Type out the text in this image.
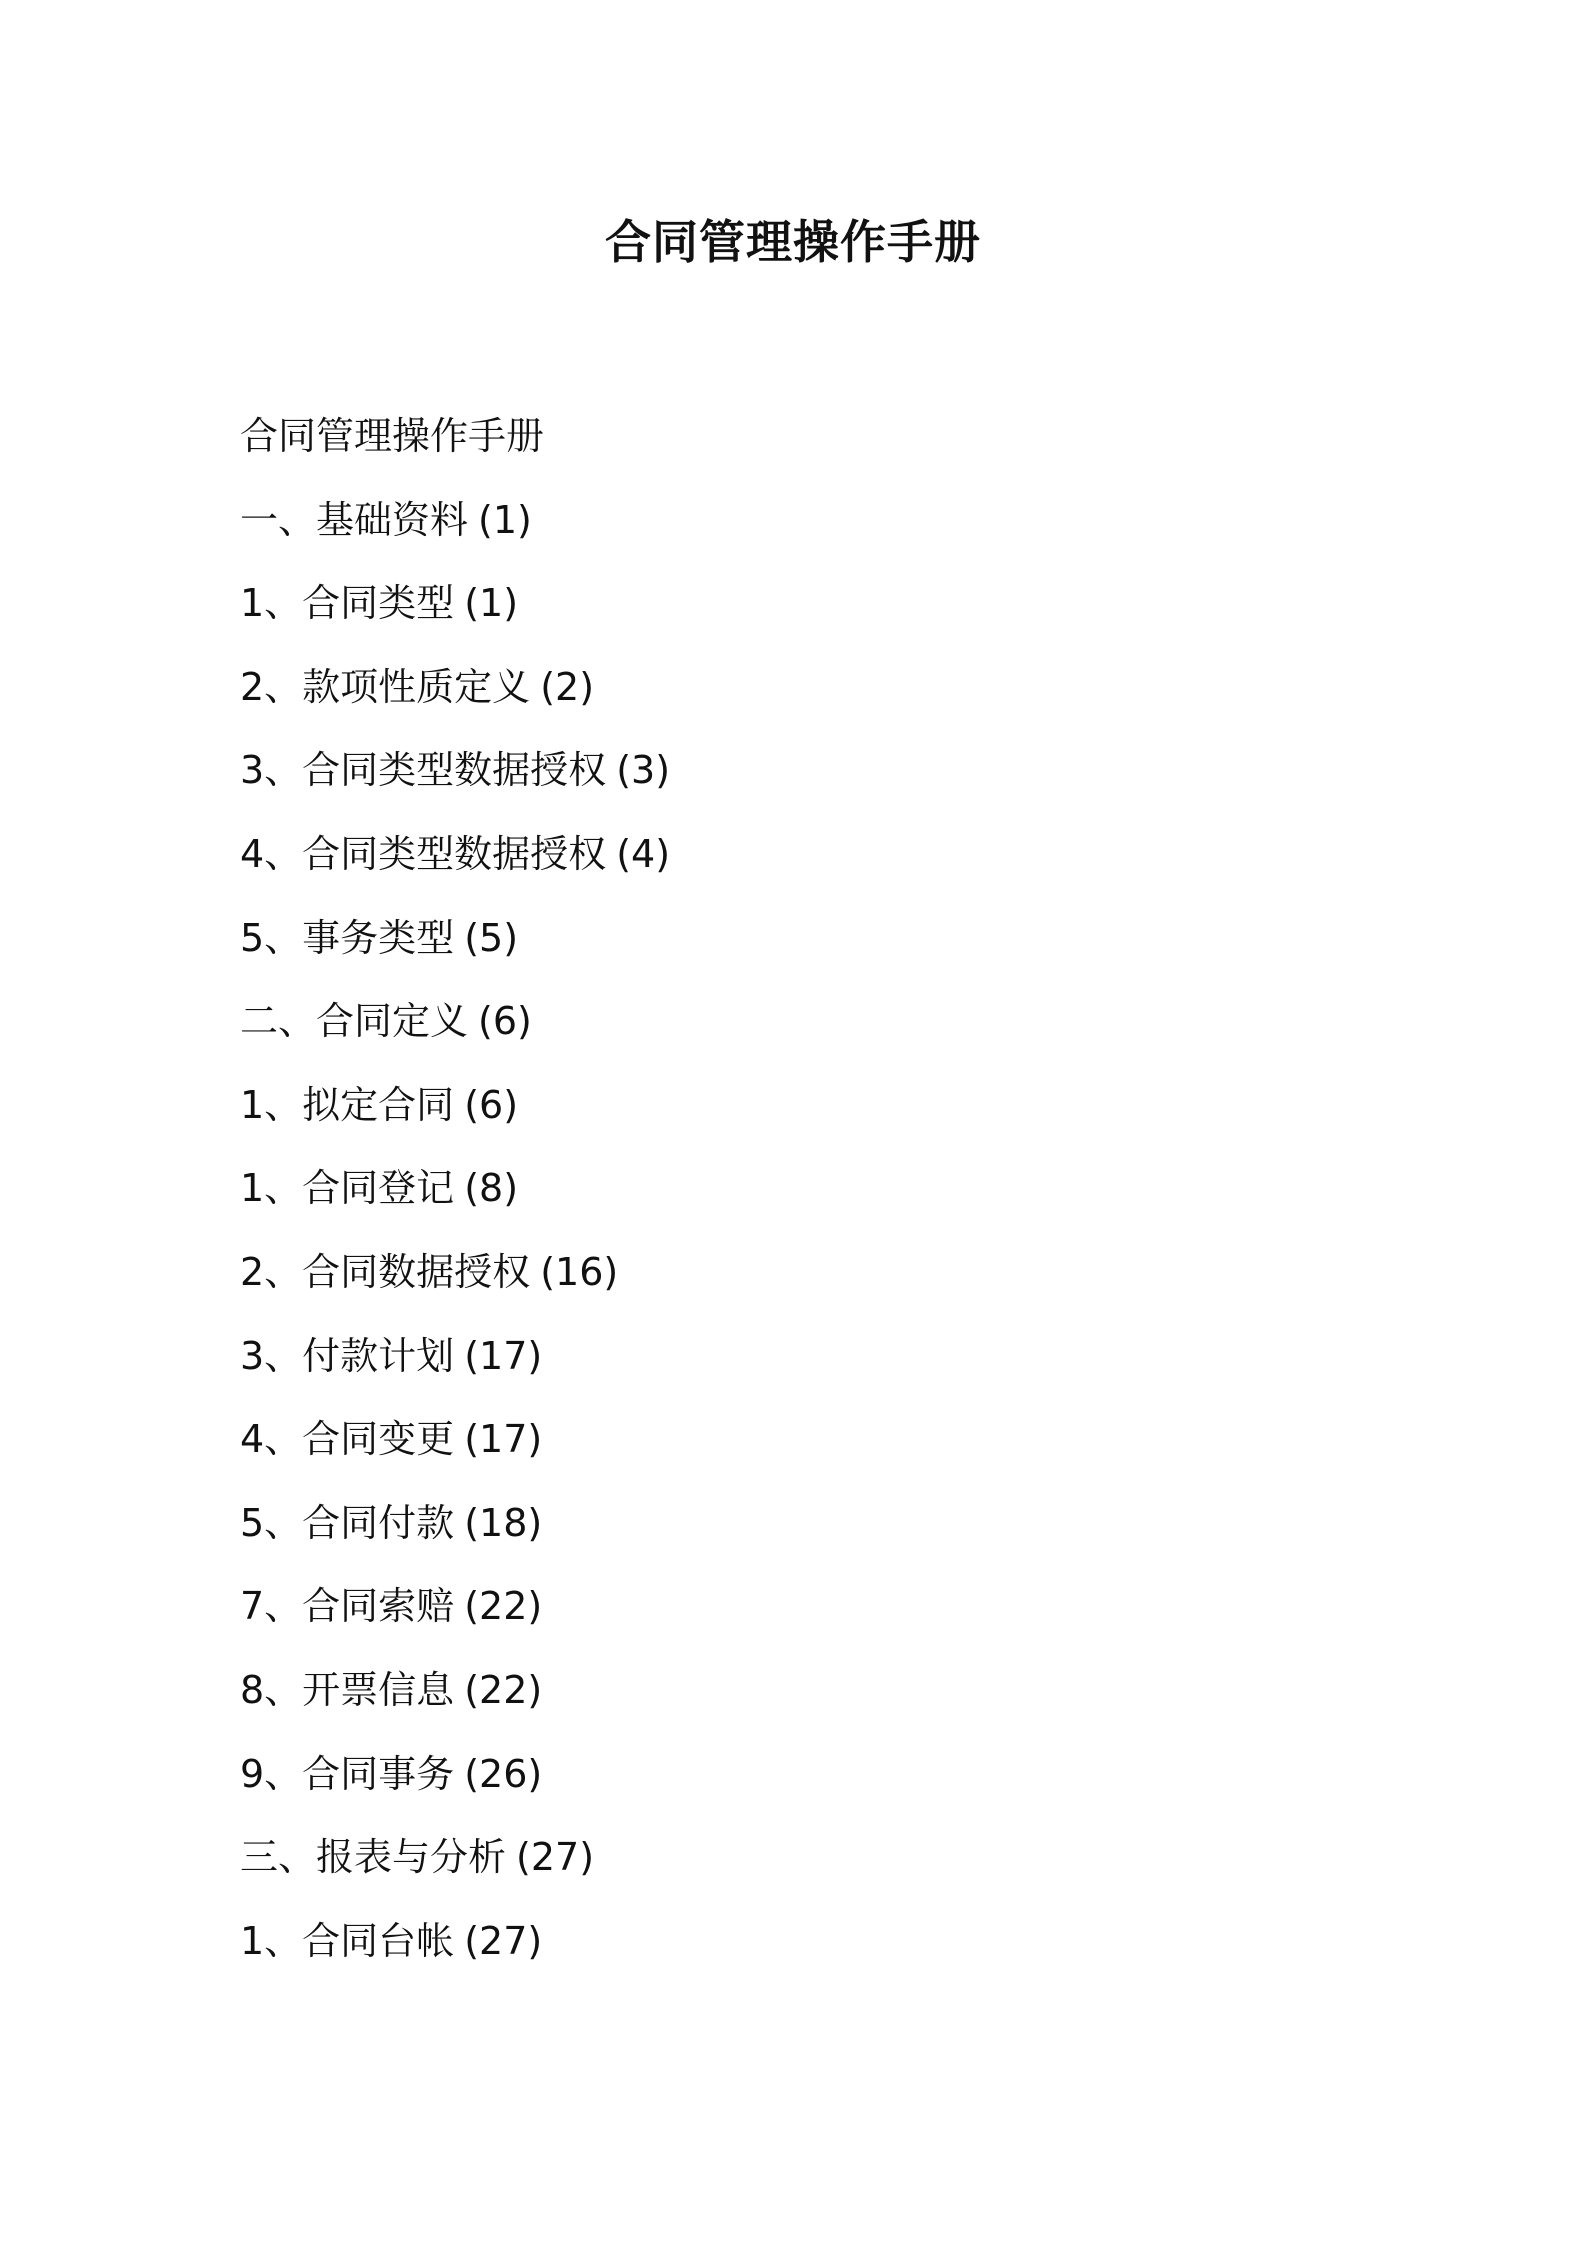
合同管理操作手册
合同管理操作手册
一、基础资料 (1)
1、合同类型 (1)
2、款项性质定义 (2)
3、合同类型数据授权 (3)
4、合同类型数据授权 (4)
5、事务类型 (5)
二、合同定义 (6)
1、拟定合同 (6)
1、合同登记 (8)
2、合同数据授权 (16)
3、付款计划 (17)
4、合同变更 (17)
5、合同付款 (18)
7、合同索赔 (22)
8、开票信息 (22)
9、合同事务 (26)
三、报表与分析 (27)
1、合同台帐 (27)
